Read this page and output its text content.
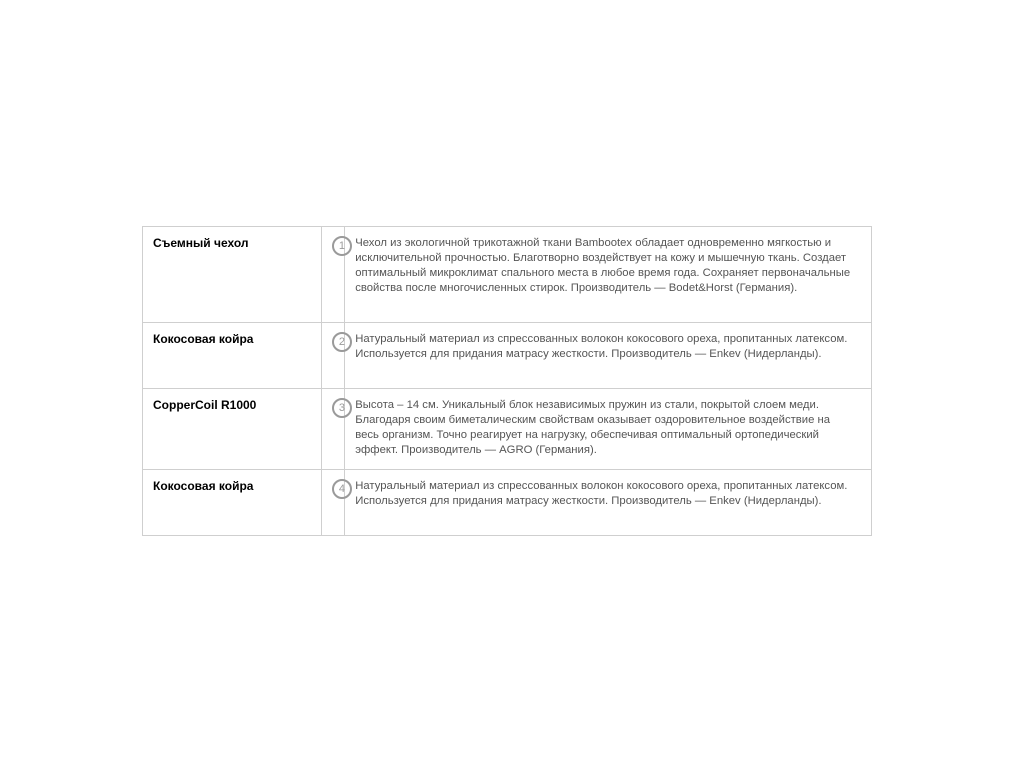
Съемный чехол	1	Чехол из экологичной трикотажной ткани Bambootex обладает одновременно мягкостью и исключительной прочностью. Благотворно воздействует на кожу и мышечную ткань. Создает оптимальный микроклимат спального места в любое время года. Сохраняет первоначальные свойства после многочисленных стирок. Производитель — Bodet&Horst (Германия).

Кокосовая койра	2	Натуральный материал из спрессованных волокон кокосового ореха, пропитанных латексом. Используется для придания матрасу жесткости. Производитель — Enkev (Нидерланды).

CopperCoil R1000	3	Высота – 14 см. Уникальный блок независимых пружин из стали, покрытой слоем меди. Благодаря своим биметалическим свойствам оказывает оздоровительное воздействие на весь организм. Точно реагирует на нагрузку, обеспечивая оптимальный ортопедический эффект. Производитель — AGRO (Германия).

Кокосовая койра	4	Натуральный материал из спрессованных волокон кокосового ореха, пропитанных латексом. Используется для придания матрасу жесткости. Производитель — Enkev (Нидерланды).
